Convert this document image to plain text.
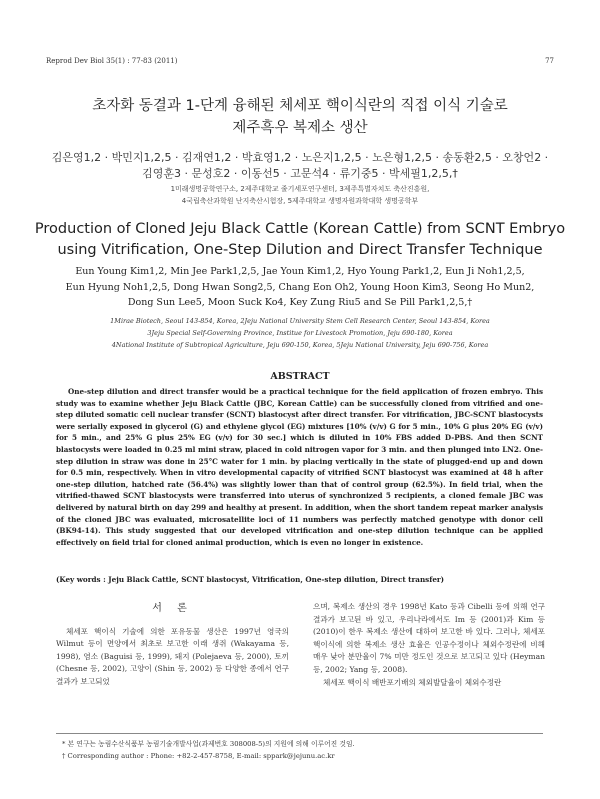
Reprod Dev Biol 35(1) : 77-83 (2011)	77
초자화 동결과 1-단계 융해된 체세포 핵이식란의 직접 이식 기술로
제주흑우 복제소 생산
김은영1,2 · 박민지1,2,5 · 김재연1,2 · 박효영1,2 · 노은지1,2,5 · 노은형1,2,5 · 송동환2,5 · 오창언2 ·
김영훈3 · 문성호2 · 이동선5 · 고문석4 · 류기중5 · 박세필1,2,5,†
1미래생명공학연구소, 2제주대학교 줄기세포연구센터, 3제주특별자치도 축산진흥원,
4국립축산과학원 난지축산시험장, 5제주대학교 생명자원과학대학 생명공학부
Production of Cloned Jeju Black Cattle (Korean Cattle) from SCNT Embryo
using Vitrification, One-Step Dilution and Direct Transfer Technique
Eun Young Kim1,2, Min Jee Park1,2,5, Jae Youn Kim1,2, Hyo Young Park1,2, Eun Ji Noh1,2,5,
Eun Hyung Noh1,2,5, Dong Hwan Song2,5, Chang Eon Oh2, Young Hoon Kim3, Seong Ho Mun2,
Dong Sun Lee5, Moon Suck Ko4, Key Zung Riu5 and Se Pill Park1,2,5,†
1Mirae Biotech, Seoul 143-854, Korea, 2Jeju National University Stem Cell Research Center, Seoul 143-854, Korea
3Jeju Special Self-Governing Province, Institue for Livestock Promotion, Jeju 690-180, Korea
4National Institute of Subtropical Agriculture, Jeju 690-150, Korea, 5Jeju National University, Jeju 690-756, Korea
ABSTRACT

One-step dilution and direct transfer would be a practical technique for the field application of frozen embryo. This study was to examine whether Jeju Black Cattle (JBC, Korean Cattle) can be successfully cloned from vitrified and one-step diluted somatic cell nuclear transfer (SCNT) blastocyst after direct transfer. For vitrification, JBC-SCNT blastocysts were serially exposed in glycerol (G) and ethylene glycol (EG) mixtures [10% (v/v) G for 5 min., 10% G plus 20% EG (v/v) for 5 min., and 25% G plus 25% EG (v/v) for 30 sec.] which is diluted in 10% FBS added D-PBS. And then SCNT blastocysts were loaded in 0.25 ml mini straw, placed in cold nitrogen vapor for 3 min. and then plunged into LN2. One-step dilution in straw was done in 25°C water for 1 min. by placing vertically in the state of plugged-end up and down for 0.5 min, respectively. When in vitro developmental capacity of vitrified SCNT blastocyst was examined at 48 h after one-step dilution, hatched rate (56.4%) was slightly lower than that of control group (62.5%). In field trial, when the vitrified-thawed SCNT blastocysts were transferred into uterus of synchronized 5 recipients, a cloned female JBC was delivered by natural birth on day 299 and healthy at present. In addition, when the short tandem repeat marker analysis of the cloned JBC was evaluated, microsatellite loci of 11 numbers was perfectly matched genotype with donor cell (BK94-14). This study suggested that our developed vitrification and one-step dilution technique can be applied effectively on field trial for cloned animal production, which is even no longer in existence.

(Key words : Jeju Black Cattle, SCNT blastocyst, Vitrification, One-step dilution, Direct transfer)
서 론

체세포 핵이식 기술에 의한 포유동물 생산은 1997년 영국의 Wilmut 등이 면양에서 최초로 보고한 이래 생쥐 (Wakayama 등, 1998), 염소 (Baguisi 등, 1999), 돼지 (Polejaeva 등, 2000), 토끼 (Chesne 등, 2002), 고양이 (Shin 등, 2002) 등 다양한 종에서 연구 결과가 보고되었

으며, 복제소 생산의 경우 1998년 Kato 등과 Cibelli 등에 의해 연구 결과가 보고된 바 있고, 우리나라에서도 Im 등 (2001)과 Kim 등 (2010)이 한우 복제소 생산에 대하여 보고한 바 있다. 그러나, 체세포 핵이식에 의한 복제소 생산 효율은 인공수정이나 체외수정란에 비해 매우 낮아 분만율이 7% 미만 정도인 것으로 보고되고 있다 (Heyman 등, 2002; Yang 등, 2008).

체세포 핵이식 배반포기배의 체외발달율이 체외수정란

* 본 연구는 농림수산식품부 농림기술개발사업(과제번호 308008-5)의 지원에 의해 이루어진 것임.
† Corresponding author : Phone: +82-2-457-8758, E-mail: sppark@jejunu.ac.kr
